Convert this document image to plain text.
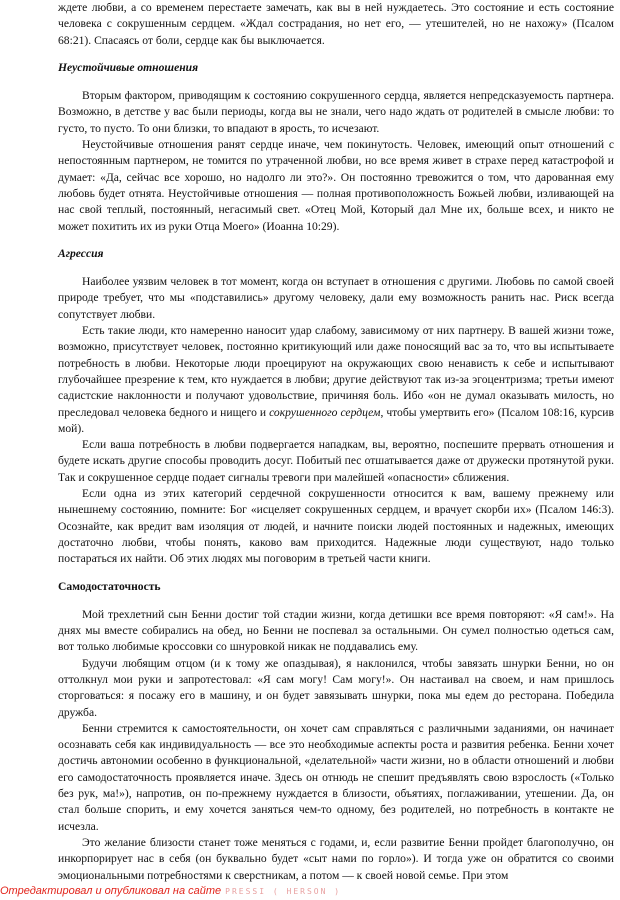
ждете любви, а со временем перестаете замечать, как вы в ней нуждаетесь. Это состояние и есть состояние человека с сокрушенным сердцем. «Ждал сострадания, но нет его, — утешителей, но не нахожу» (Псалом 68:21). Спасаясь от боли, сердце как бы выключается.

Неустойчивые отношения

Вторым фактором, приводящим к состоянию сокрушенного сердца, является непредсказуемость партнера. Возможно, в детстве у вас были периоды, когда вы не знали, чего надо ждать от родителей в смысле любви: то густо, то пусто. То они близки, то впадают в ярость, то исчезают.

Неустойчивые отношения ранят сердце иначе, чем покинутость. Человек, имеющий опыт отношений с непостоянным партнером, не томится по утраченной любви, но все время живет в страхе перед катастрофой и думает: «Да, сейчас все хорошо, но надолго ли это?». Он постоянно тревожится о том, что дарованная ему любовь будет отнята. Неустойчивые отношения — полная противоположность Божьей любви, изливающей на нас свой теплый, постоянный, негасимый свет. «Отец Мой, Который дал Мне их, больше всех, и никто не может похитить их из руки Отца Моего» (Иоанна 10:29).

Агрессия

Наиболее уязвим человек в тот момент, когда он вступает в отношения с другими. Любовь по самой своей природе требует, что мы «подставились» другому человеку, дали ему возможность ранить нас. Риск всегда сопутствует любви.

Есть такие люди, кто намеренно наносит удар слабому, зависимому от них партнеру. В вашей жизни тоже, возможно, присутствует человек, постоянно критикующий или даже поносящий вас за то, что вы испытываете потребность в любви. Некоторые люди проецируют на окружающих свою ненависть к себе и испытывают глубочайшее презрение к тем, кто нуждается в любви; другие действуют так из-за эгоцентризма; третьи имеют садистские наклонности и получают удовольствие, причиняя боль. Ибо «он не думал оказывать милость, но преследовал человека бедного и нищего и сокрушенного сердцем, чтобы умертвить его» (Псалом 108:16, курсив мой).

Если ваша потребность в любви подвергается нападкам, вы, вероятно, поспешите прервать отношения и будете искать другие способы проводить досуг. Побитый пес отшатывается даже от дружески протянутой руки. Так и сокрушенное сердце подает сигналы тревоги при малейшей «опасности» сближения.

Если одна из этих категорий сердечной сокрушенности относится к вам, вашему прежнему или нынешнему состоянию, помните: Бог «исцеляет сокрушенных сердцем, и врачует скорби их» (Псалом 146:3). Осознайте, как вредит вам изоляция от людей, и начните поиски людей постоянных и надежных, имеющих достаточно любви, чтобы понять, каково вам приходится. Надежные люди существуют, надо только постараться их найти. Об этих людях мы поговорим в третьей части книги.

Самодостаточность

Мой трехлетний сын Бенни достиг той стадии жизни, когда детишки все время повторяют: «Я сам!». На днях мы вместе собирались на обед, но Бенни не поспевал за остальными. Он сумел полностью одеться сам, вот только любимые кроссовки со шнуровкой никак не поддавались ему.

Будучи любящим отцом (и к тому же опаздывая), я наклонился, чтобы завязать шнурки Бенни, но он оттолкнул мои руки и запротестовал: «Я сам могу! Сам могу!». Он настаивал на своем, и нам пришлось сторговаться: я посажу его в машину, и он будет завязывать шнурки, пока мы едем до ресторана. Победила дружба.

Бенни стремится к самостоятельности, он хочет сам справляться с различными заданиями, он начинает осознавать себя как индивидуальность — все это необходимые аспекты роста и развития ребенка. Бенни хочет достичь автономии особенно в функциональной, «делательной» части жизни, но в области отношений и любви его самодостаточность проявляется иначе. Здесь он отнюдь не спешит предъявлять свою взрослость («Только без рук, ма!»), напротив, он по-прежнему нуждается в близости, объятиях, поглаживании, утешении. Да, он стал больше спорить, и ему хочется заняться чем-то одному, без родителей, но потребность в контакте не исчезла.

Это желание близости станет тоже меняться с годами, и, если развитие Бенни пройдет благополучно, он инкорпорирует нас в себя (он буквально будет «сыт нами по горло»). И тогда уже он обратится со своими эмоциональными потребностями к сверстникам, а потом — к своей новой семье. При этом

Отредактировал и опубликовал на сайте PRESSI ( HERSON )
